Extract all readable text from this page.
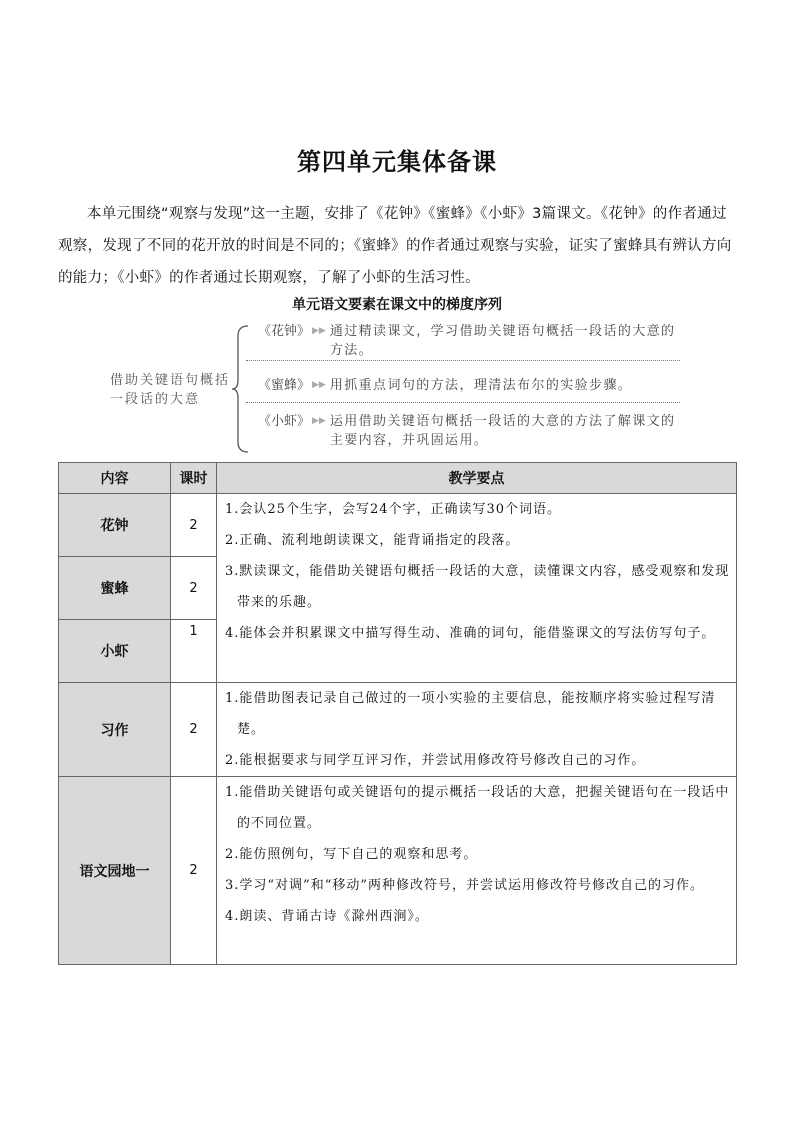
第四单元集体备课

本单元围绕“观察与发现”这一主题，安排了《花钟》《蜜蜂》《小虾》3篇课文。《花钟》的作者通过观察，发现了不同的花开放的时间是不同的；《蜜蜂》的作者通过观察与实验，证实了蜜蜂具有辨认方向的能力；《小虾》的作者通过长期观察，了解了小虾的生活习性。

单元语文要素在课文中的梯度序列
借助关键语句概括一段话的大意
《花钟》 ▶▶ 通过精读课文，学习借助关键语句概括一段话的大意的方法。
《蜜蜂》 ▶▶ 用抓重点词句的方法，理清法布尔的实验步骤。
《小虾》 ▶▶ 运用借助关键语句概括一段话的大意的方法了解课文的主要内容，并巩固运用。
内容	课时	教学要点
花钟	2	1.会认25个生字，会写24个字，正确读写30个词语。
2.正确、流利地朗读课文，能背诵指定的段落。
3.默读课文，能借助关键语句概括一段话的大意，读懂课文内容，感受观察和发现带来的乐趣。
4.能体会并积累课文中描写得生动、准确的词句，能借鉴课文的写法仿写句子。

蜜蜂	2	
小虾	1	
习作	2	1.能借助图表记录自己做过的一项小实验的主要信息，能按顺序将实验过程写清楚。
2.能根据要求与同学互评习作，并尝试用修改符号修改自己的习作。

语文园地一	2	1.能借助关键语句或关键语句的提示概括一段话的大意，把握关键语句在一段话中的不同位置。
2.能仿照例句，写下自己的观察和思考。
3.学习“对调”和“移动”两种修改符号，并尝试运用修改符号修改自己的习作。
4.朗读、背诵古诗《滁州西涧》。
